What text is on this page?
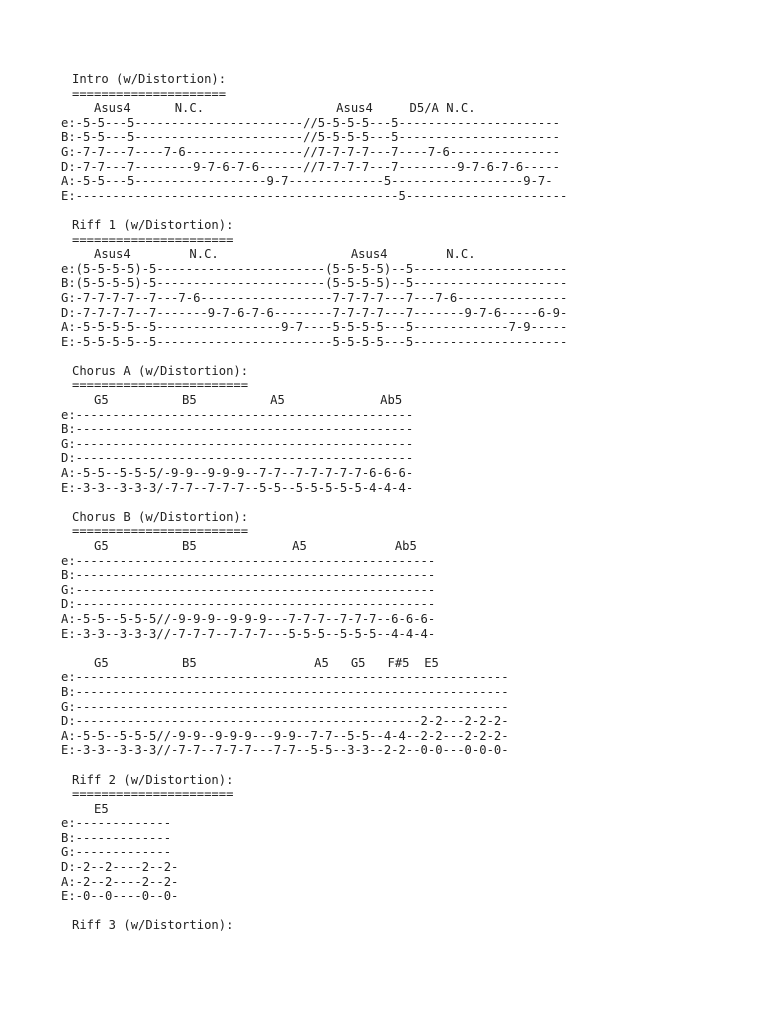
Intro (w/Distortion):
=====================
Asus4      N.C.                  Asus4     D5/A N.C.
e:-5-5---5-----------------------//5-5-5-5---5----------------------
B:-5-5---5-----------------------//5-5-5-5---5----------------------
G:-7-7---7----7-6----------------//7-7-7-7---7----7-6---------------
D:-7-7---7--------9-7-6-7-6------//7-7-7-7---7--------9-7-6-7-6-----
A:-5-5---5------------------9-7-------------5------------------9-7-
E:--------------------------------------------5----------------------
Riff 1 (w/Distortion):
======================
Asus4        N.C.                  Asus4        N.C.
e:(5-5-5-5)-5-----------------------(5-5-5-5)--5---------------------
B:(5-5-5-5)-5-----------------------(5-5-5-5)--5---------------------
G:-7-7-7-7--7---7-6------------------7-7-7-7---7---7-6---------------
D:-7-7-7-7--7-------9-7-6-7-6--------7-7-7-7---7-------9-7-6-----6-9-
A:-5-5-5-5--5-----------------9-7----5-5-5-5---5-------------7-9-----
E:-5-5-5-5--5------------------------5-5-5-5---5---------------------
Chorus A (w/Distortion):
========================
G5          B5          A5             Ab5
e:----------------------------------------------
B:----------------------------------------------
G:----------------------------------------------
D:----------------------------------------------
A:-5-5--5-5-5/-9-9--9-9-9--7-7--7-7-7-7-7-6-6-6-
E:-3-3--3-3-3/-7-7--7-7-7--5-5--5-5-5-5-5-4-4-4-
Chorus B (w/Distortion):
========================
G5          B5             A5            Ab5
e:-------------------------------------------------
B:-------------------------------------------------
G:-------------------------------------------------
D:-------------------------------------------------
A:-5-5--5-5-5//-9-9-9--9-9-9---7-7-7--7-7-7--6-6-6-
E:-3-3--3-3-3//-7-7-7--7-7-7---5-5-5--5-5-5--4-4-4-
G5          B5                A5   G5   F#5  E5
e:-----------------------------------------------------------
B:-----------------------------------------------------------
G:-----------------------------------------------------------
D:-----------------------------------------------2-2---2-2-2-
A:-5-5--5-5-5//-9-9--9-9-9---9-9--7-7--5-5--4-4--2-2---2-2-2-
E:-3-3--3-3-3//-7-7--7-7-7---7-7--5-5--3-3--2-2--0-0---0-0-0-
Riff 2 (w/Distortion):
======================
E5
e:-------------
B:-------------
G:-------------
D:-2--2----2--2-
A:-2--2----2--2-
E:-0--0----0--0-
Riff 3 (w/Distortion):
